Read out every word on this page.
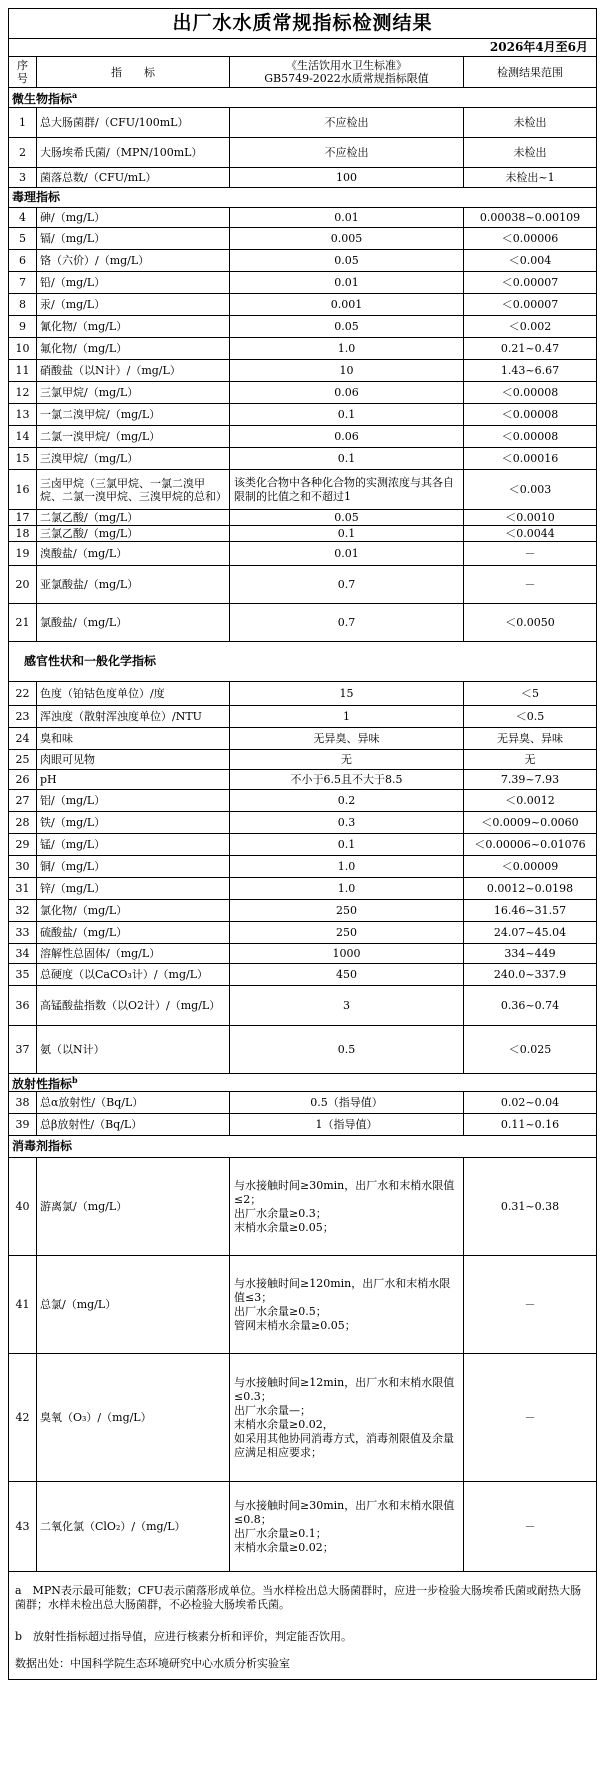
出厂水水质常规指标检测结果			
2026年4月至6月			
序号	指　　标	《生活饮用水卫生标准》
GB5749-2022水质常规指标限值	检测结果范围
微生物指标$^a$
1	总大肠菌群/（CFU/100mL）	不应检出	未检出
2	大肠埃希氏菌/（MPN/100mL）	不应检出	未检出
3	菌落总数/（CFU/mL）	100	未检出~1
毒理指标			
4	砷/（mg/L）	0.01	0.00038~0.00109
5	镉/（mg/L）	0.005	＜0.00006
6	铬（六价）/（mg/L）	0.05	＜0.004
7	铅/（mg/L）	0.01	＜0.00007
8	汞/（mg/L）	0.001	＜0.00007
9	氰化物/（mg/L）	0.05	＜0.002
10	氟化物/（mg/L）	1.0	0.21~0.47
11	硝酸盐（以N计）/（mg/L）	10	1.43~6.67
12	三氯甲烷/（mg/L）	0.06	＜0.00008
13	一氯二溴甲烷/（mg/L）	0.1	＜0.00008
14	二氯一溴甲烷/（mg/L）	0.06	＜0.00008
15	三溴甲烷/（mg/L）	0.1	＜0.00016
16	三卤甲烷（三氯甲烷、一氯二溴甲烷、二氯一溴甲烷、三溴甲烷的总和）	该类化合物中各种化合物的实测浓度与其各自限制的比值之和不超过1	＜0.003
17	二氯乙酸/（mg/L）	0.05	＜0.0010
18	三氯乙酸/（mg/L）	0.1	＜0.0044
19	溴酸盐/（mg/L）	0.01	－
20	亚氯酸盐/（mg/L）	0.7	－
21	氯酸盐/（mg/L）	0.7	＜0.0050
　感官性状和一般化学指标			
22	色度（铂钴色度单位）/度	15	＜5
23	浑浊度（散射浑浊度单位）/NTU	1	＜0.5
24	臭和味	无异臭、异味	无异臭、异味
25	肉眼可见物	无	无
26	pH	不小于6.5且不大于8.5	7.39~7.93
27	铝/（mg/L）	0.2	＜0.0012
28	铁/（mg/L）	0.3	＜0.0009~0.0060
29	锰/（mg/L）	0.1	＜0.00006~0.01076
30	铜/（mg/L）	1.0	＜0.00009
31	锌/（mg/L）	1.0	0.0012~0.0198
32	氯化物/（mg/L）	250	16.46~31.57
33	硫酸盐/（mg/L）	250	24.07~45.04
34	溶解性总固体/（mg/L）	1000	334~449
35	总硬度（以CaCO₃计）/（mg/L）	450	240.0~337.9
36	高锰酸盐指数（以O2计）/（mg/L）	3	0.36~0.74
37	氨（以N计）	0.5	＜0.025
放射性指标$^b$
38	总α放射性/（Bq/L）	0.5（指导值）	0.02~0.04
39	总β放射性/（Bq/L）	1（指导值）	0.11~0.16
消毒剂指标			
40	游离氯/（mg/L）	与水接触时间≥30min，出厂水和末梢水限值≤2；
出厂水余量≥0.3；
末梢水余量≥0.05；	0.31~0.38
41	总氯/（mg/L）	与水接触时间≥120min，出厂水和末梢水限值≤3；
出厂水余量≥0.5；
管网末梢水余量≥0.05；	－
42	臭氧（O₃）/（mg/L）	与水接触时间≥12min，出厂水和末梢水限值≤0.3；
出厂水余量—；
末梢水余量≥0.02，
如采用其他协同消毒方式，消毒剂限值及余量应满足相应要求；	－
43	二氧化氯（ClO₂）/（mg/L）	与水接触时间≥30min，出厂水和末梢水限值≤0.8；
出厂水余量≥0.1；
末梢水余量≥0.02；	－
a　MPN表示最可能数；CFU表示菌落形成单位。当水样检出总大肠菌群时，应进一步检验大肠埃希氏菌或耐热大肠菌群；水样未检出总大肠菌群，不必检验大肠埃希氏菌。			
b　放射性指标超过指导值，应进行核素分析和评价，判定能否饮用。			
数据出处：中国科学院生态环境研究中心水质分析实验室			
